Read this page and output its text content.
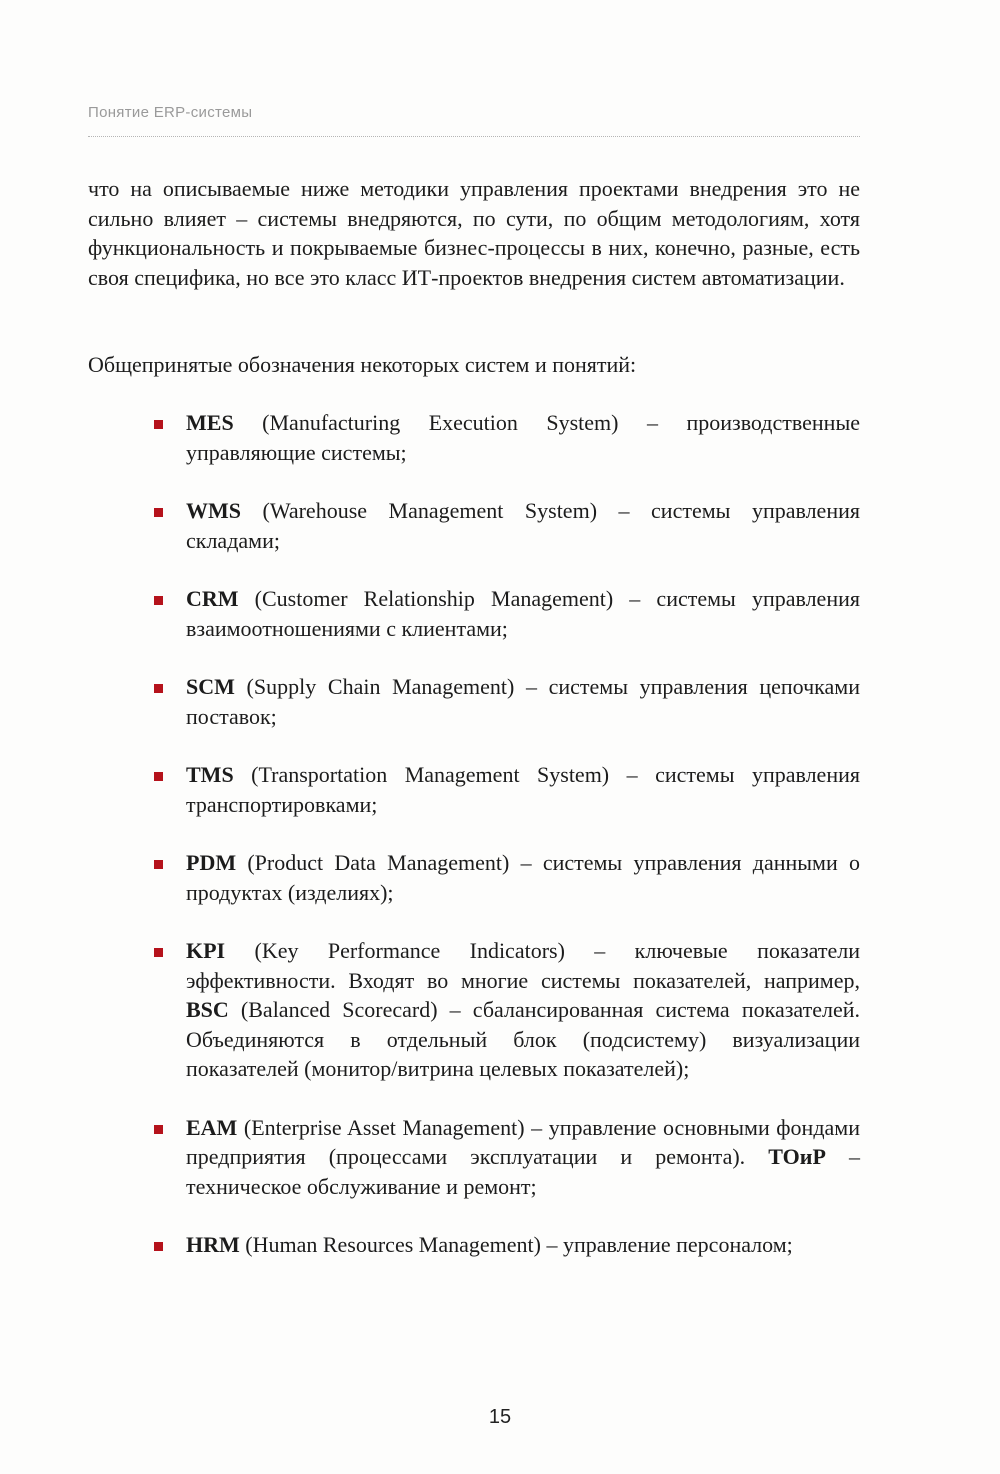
Понятие ERP-системы

что на описываемые ниже методики управления проектами внедрения это не сильно влияет – системы внедряются, по сути, по общим методологиям, хотя функциональность и покрываемые бизнес-процессы в них, конечно, разные, есть своя специфика, но все это класс ИТ-проектов внедрения систем автоматизации.

Общепринятые обозначения некоторых систем и понятий:

MES (Manufacturing Execution System) – производственные управляющие системы;
WMS (Warehouse Management System) – системы управления складами;
CRM (Customer Relationship Management) – системы управления взаимоотношениями с клиентами;
SCM (Supply Chain Management) – системы управления цепочками поставок;
TMS (Transportation Management System) – системы управления транспортировками;
PDM (Product Data Management) – системы управления данными о продуктах (изделиях);
KPI (Key Performance Indicators) – ключевые показатели эффективности. Входят во многие системы показателей, например, BSC (Balanced Scorecard) – сбалансированная система показателей. Объединяются в отдельный блок (подсистему) визуализации показателей (монитор/витрина целевых показателей);
EAM (Enterprise Asset Management) – управление основными фондами предприятия (процессами эксплуатации и ремонта). ТОиР – техническое обслуживание и ремонт;
HRM (Human Resources Management) – управление персоналом;
15
